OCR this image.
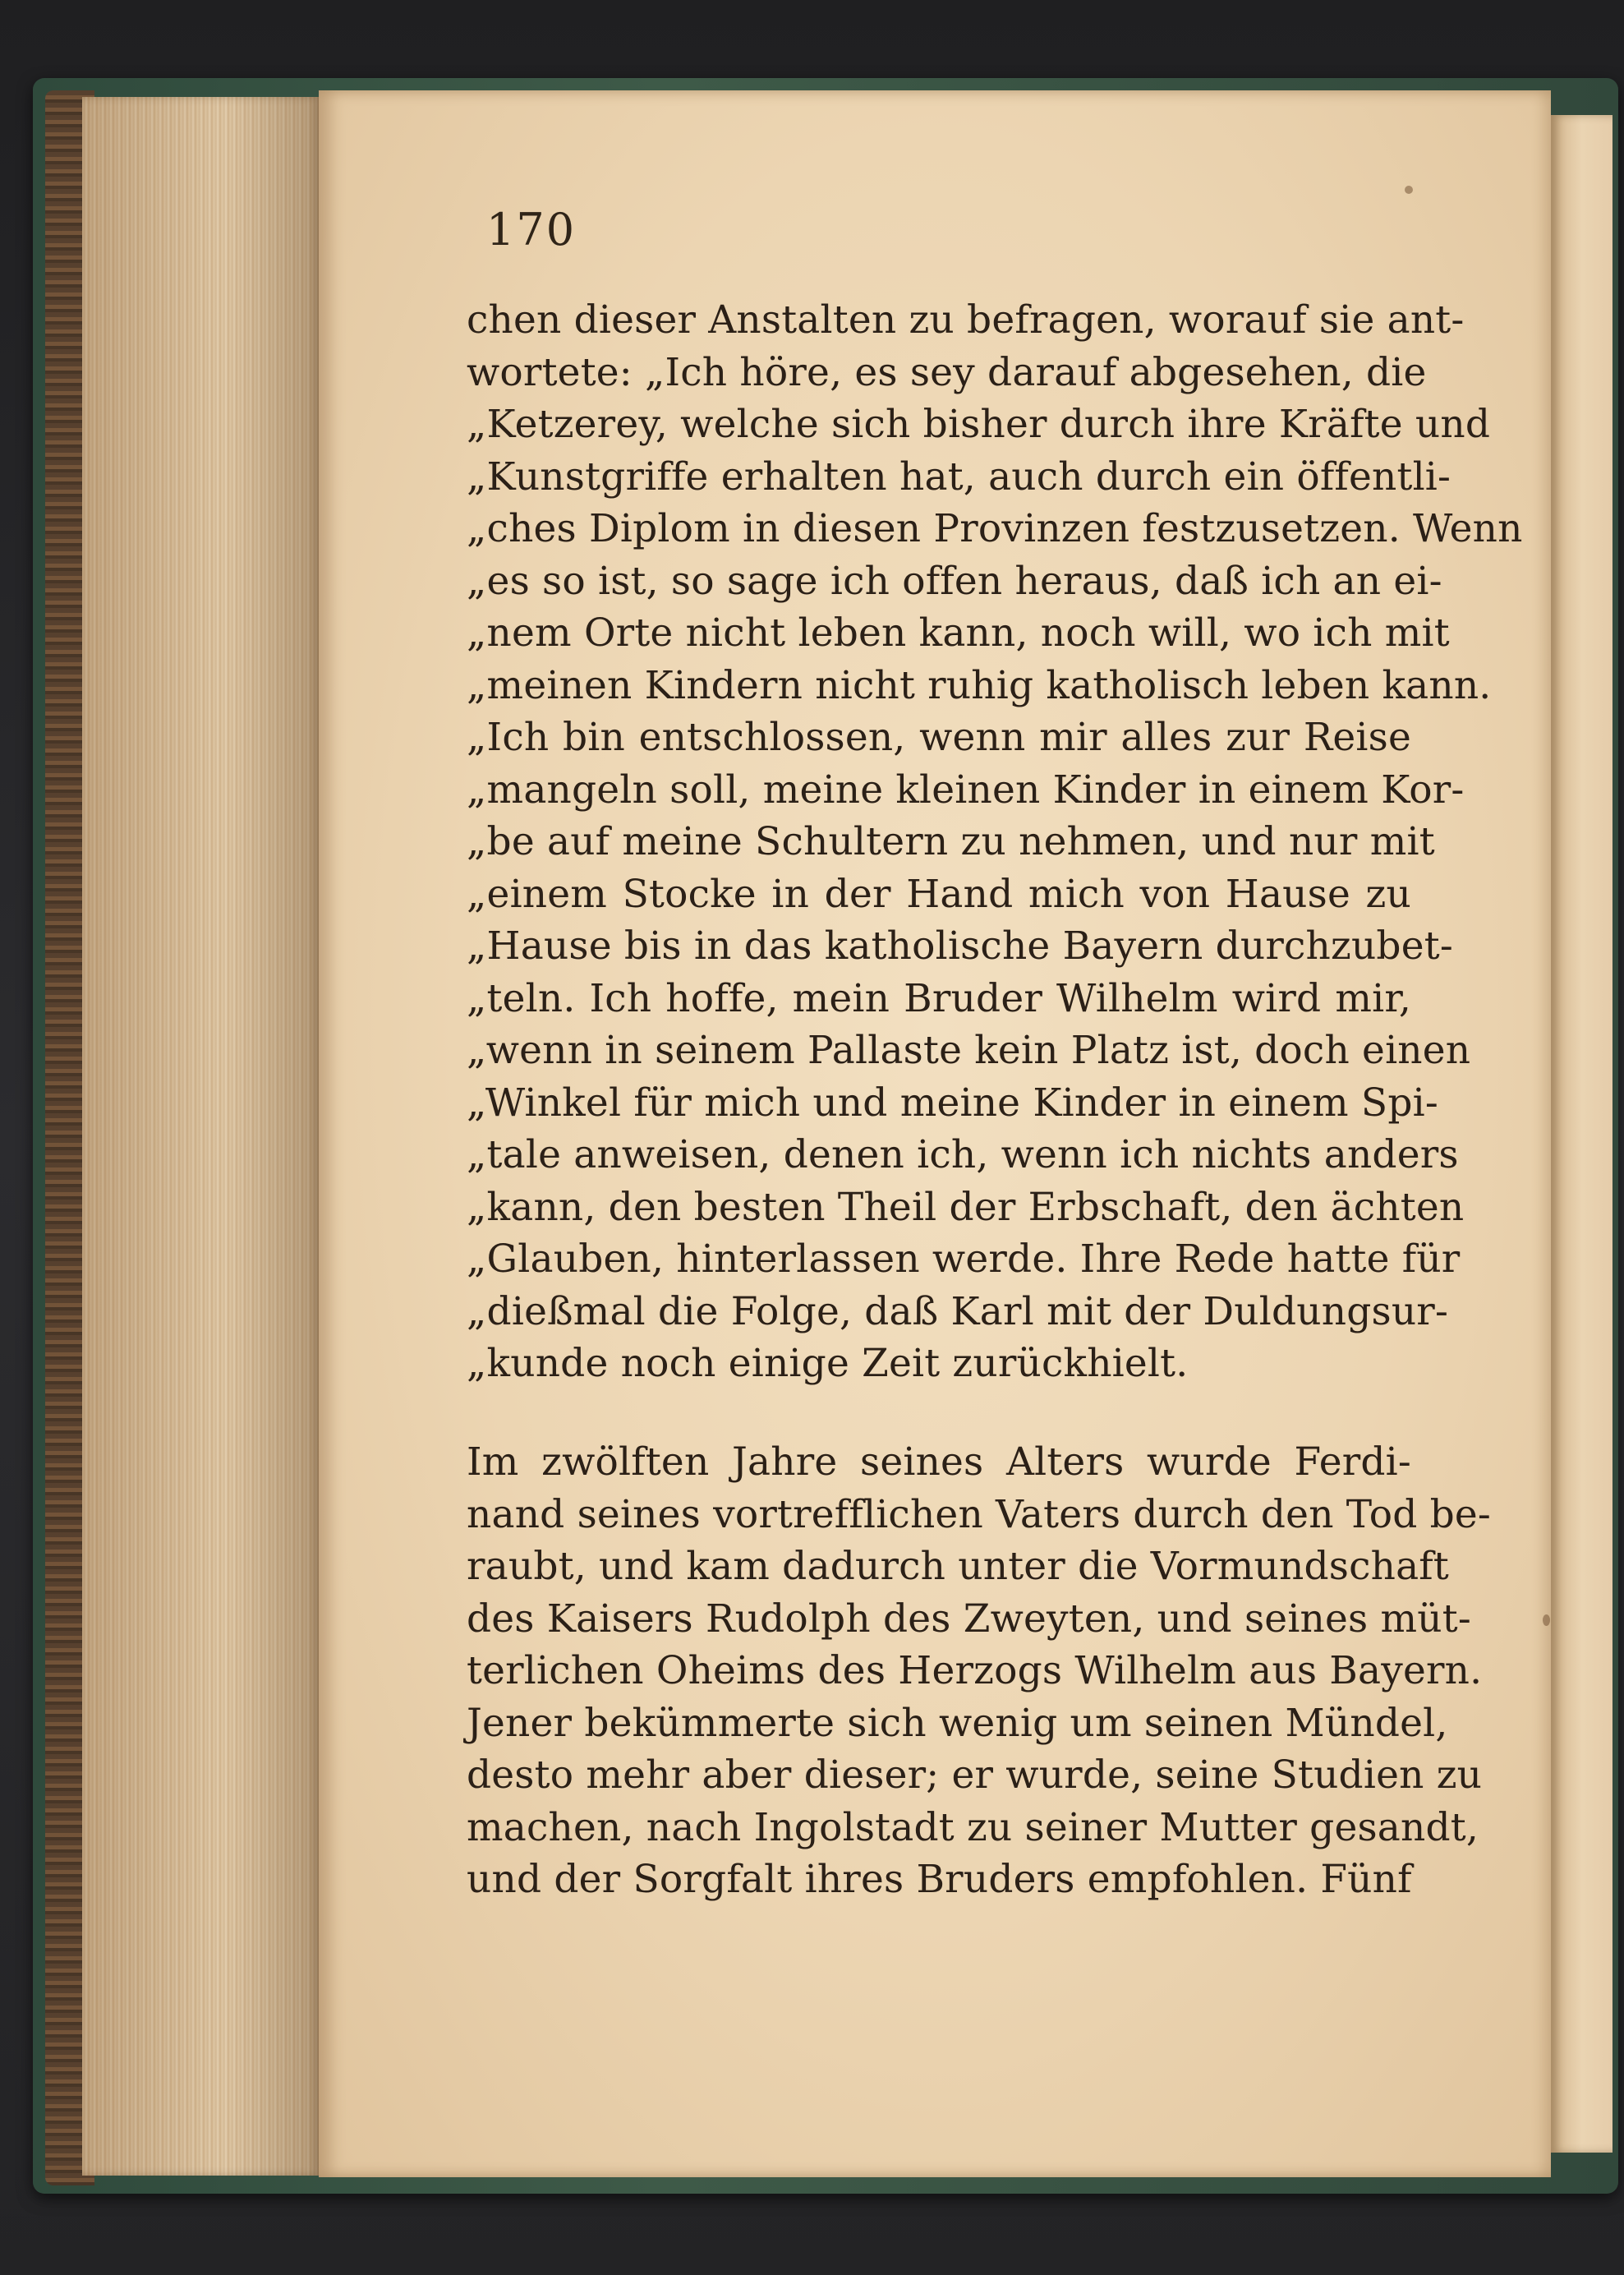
170
chen dieser Anstalten zu befragen, worauf sie ant-
wortete: „Ich höre, es sey darauf abgesehen, die
„Ketzerey, welche sich bisher durch ihre Kräfte und
„Kunstgriffe erhalten hat, auch durch ein öffentli-
„ches Diplom in diesen Provinzen festzusetzen. Wenn
„es so ist, so sage ich offen heraus, daß ich an ei-
„nem Orte nicht leben kann, noch will, wo ich mit
„meinen Kindern nicht ruhig katholisch leben kann.
„Ich bin entschlossen, wenn mir alles zur Reise
„mangeln soll, meine kleinen Kinder in einem Kor-
„be auf meine Schultern zu nehmen, und nur mit
„einem Stocke in der Hand mich von Hause zu
„Hause bis in das katholische Bayern durchzubet-
„teln. Ich hoffe, mein Bruder Wilhelm wird mir,
„wenn in seinem Pallaste kein Platz ist, doch einen
„Winkel für mich und meine Kinder in einem Spi-
„tale anweisen, denen ich, wenn ich nichts anders
„kann, den besten Theil der Erbschaft, den ächten
„Glauben, hinterlassen werde. Ihre Rede hatte für
„dießmal die Folge, daß Karl mit der Duldungsur-
„kunde noch einige Zeit zurückhielt.
Im zwölften Jahre seines Alters wurde Ferdi-
nand seines vortrefflichen Vaters durch den Tod be-
raubt, und kam dadurch unter die Vormundschaft
des Kaisers Rudolph des Zweyten, und seines müt-
terlichen Oheims des Herzogs Wilhelm aus Bayern.
Jener bekümmerte sich wenig um seinen Mündel,
desto mehr aber dieser; er wurde, seine Studien zu
machen, nach Ingolstadt zu seiner Mutter gesandt,
und der Sorgfalt ihres Bruders empfohlen. Fünf
